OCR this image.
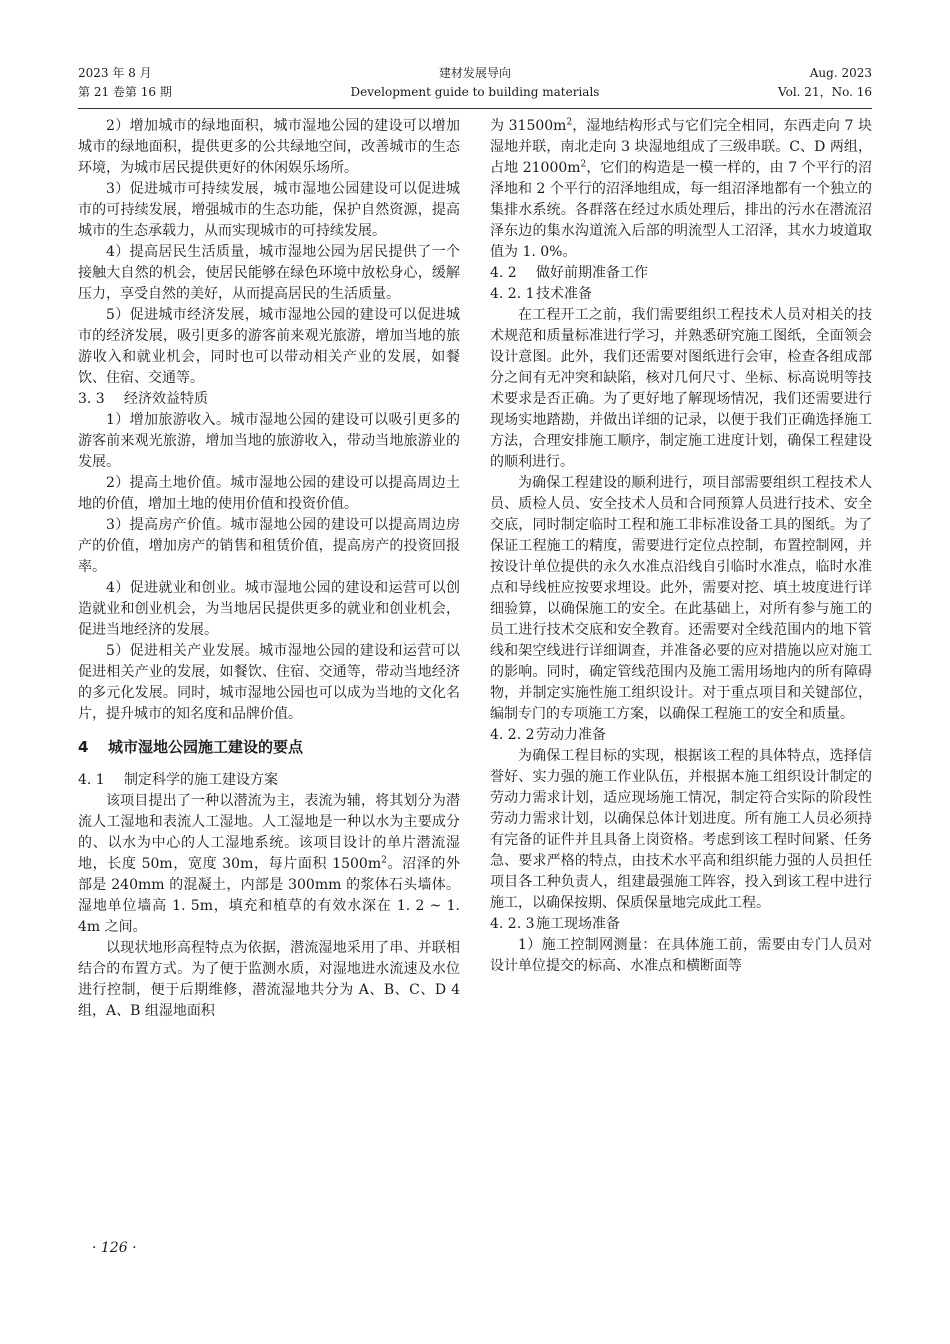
2023 年 8 月
第 21 卷第 16 期
建材发展导向
Development guide to building materials
Aug. 2023
Vol. 21，No. 16

2）增加城市的绿地面积，城市湿地公园的建设可以增加城市的绿地面积，提供更多的公共绿地空间，改善城市的生态环境，为城市居民提供更好的休闲娱乐场所。

3）促进城市可持续发展，城市湿地公园建设可以促进城市的可持续发展，增强城市的生态功能，保护自然资源，提高城市的生态承载力，从而实现城市的可持续发展。

4）提高居民生活质量，城市湿地公园为居民提供了一个接触大自然的机会，使居民能够在绿色环境中放松身心，缓解压力，享受自然的美好，从而提高居民的生活质量。

5）促进城市经济发展，城市湿地公园的建设可以促进城市的经济发展，吸引更多的游客前来观光旅游，增加当地的旅游收入和就业机会，同时也可以带动相关产业的发展，如餐饮、住宿、交通等。

3. 3 经济效益特质

1）增加旅游收入。城市湿地公园的建设可以吸引更多的游客前来观光旅游，增加当地的旅游收入，带动当地旅游业的发展。

2）提高土地价值。城市湿地公园的建设可以提高周边土地的价值，增加土地的使用价值和投资价值。

3）提高房产价值。城市湿地公园的建设可以提高周边房产的价值，增加房产的销售和租赁价值，提高房产的投资回报率。

4）促进就业和创业。城市湿地公园的建设和运营可以创造就业和创业机会，为当地居民提供更多的就业和创业机会，促进当地经济的发展。

5）促进相关产业发展。城市湿地公园的建设和运营可以促进相关产业的发展，如餐饮、住宿、交通等，带动当地经济的多元化发展。同时，城市湿地公园也可以成为当地的文化名片，提升城市的知名度和品牌价值。

4 城市湿地公园施工建设的要点

4. 1 制定科学的施工建设方案

该项目提出了一种以潜流为主，表流为辅，将其划分为潜流人工湿地和表流人工湿地。人工湿地是一种以水为主要成分的、以水为中心的人工湿地系统。该项目设计的单片潜流湿地，长度 50m，宽度 30m，每片面积 $1500m^2$。沼泽的外部是 240mm 的混凝土，内部是 300mm 的浆体石头墙体。湿地单位墙高 1. 5m，填充和植草的有效水深在 1. 2 ~ 1. 4m 之间。

以现状地形高程特点为依据，潜流湿地采用了串、并联相结合的布置方式。为了便于监测水质，对湿地进水流速及水位进行控制，便于后期维修，潜流湿地共分为 A、B、C、D 4 组，A、B 组湿地面积

为 $31500m^2$，湿地结构形式与它们完全相同，东西走向 7 块湿地并联，南北走向 3 块湿地组成了三级串联。C、D 两组，占地 $21000m^2$，它们的构造是一模一样的，由 7 个平行的沼泽地和 2 个平行的沼泽地组成，每一组沼泽地都有一个独立的集排水系统。各群落在经过水质处理后，排出的污水在潜流沼泽东边的集水沟道流入后部的明流型人工沼泽，其水力坡道取值为 1. 0%。

4. 2 做好前期准备工作

4. 2. 1技术准备

在工程开工之前，我们需要组织工程技术人员对相关的技术规范和质量标准进行学习，并熟悉研究施工图纸，全面领会设计意图。此外，我们还需要对图纸进行会审，检查各组成部分之间有无冲突和缺陷，核对几何尺寸、坐标、标高说明等技术要求是否正确。为了更好地了解现场情况，我们还需要进行现场实地踏勘，并做出详细的记录，以便于我们正确选择施工方法，合理安排施工顺序，制定施工进度计划，确保工程建设的顺利进行。

为确保工程建设的顺利进行，项目部需要组织工程技术人员、质检人员、安全技术人员和合同预算人员进行技术、安全交底，同时制定临时工程和施工非标准设备工具的图纸。为了保证工程施工的精度，需要进行定位点控制，布置控制网，并按设计单位提供的永久水准点沿线自引临时水准点，临时水准点和导线桩应按要求埋设。此外，需要对挖、填土坡度进行详细验算，以确保施工的安全。在此基础上，对所有参与施工的员工进行技术交底和安全教育。还需要对全线范围内的地下管线和架空线进行详细调查，并准备必要的应对措施以应对施工的影响。同时，确定管线范围内及施工需用场地内的所有障碍物，并制定实施性施工组织设计。对于重点项目和关键部位，编制专门的专项施工方案，以确保工程施工的安全和质量。

4. 2. 2劳动力准备

为确保工程目标的实现，根据该工程的具体特点，选择信誉好、实力强的施工作业队伍，并根据本施工组织设计制定的劳动力需求计划，适应现场施工情况，制定符合实际的阶段性劳动力需求计划，以确保总体计划进度。所有施工人员必须持有完备的证件并且具备上岗资格。考虑到该工程时间紧、任务急、要求严格的特点，由技术水平高和组织能力强的人员担任项目各工种负责人，组建最强施工阵容，投入到该工程中进行施工，以确保按期、保质保量地完成此工程。

4. 2. 3施工现场准备

1）施工控制网测量：在具体施工前，需要由专门人员对设计单位提交的标高、水准点和横断面等

· 126 ·
